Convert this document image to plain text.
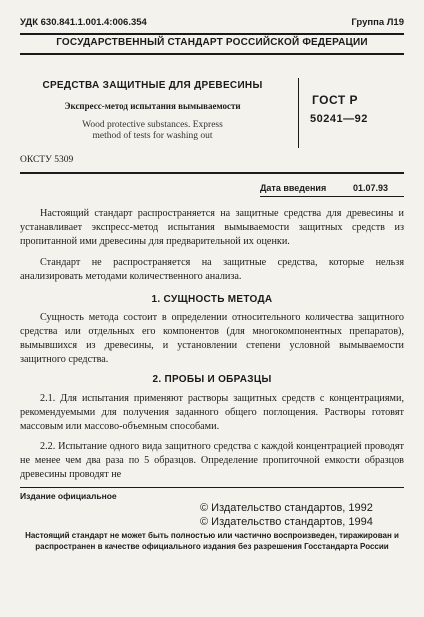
УДК 630.841.1.001.4:006.354	Группа Л19
ГОСУДАРСТВЕННЫЙ СТАНДАРТ РОССИЙСКОЙ ФЕДЕРАЦИИ
СРЕДСТВА ЗАЩИТНЫЕ ДЛЯ ДРЕВЕСИНЫ
Экспресс-метод испытания вымываемости
Wood protective substances. Express
method of tests for washing out
ГОСТ Р
50241—92
ОКСТУ 5309
Дата введения	01.07.93
Настоящий стандарт распространяется на защитные средства для древесины и устанавливает экспресс-метод испытания вымываемости защитных средств из пропитанной ими древесины для предварительной их оценки.
Стандарт не распространяется на защитные средства, которые нельзя анализировать методами количественного анализа.
1. СУЩНОСТЬ МЕТОДА
Сущность метода состоит в определении относительного количества защитного средства или отдельных его компонентов (для многокомпонентных препаратов), вымывшихся из древесины, и установлении степени условной вымываемости защитного средства.
2. ПРОБЫ И ОБРАЗЦЫ
2.1. Для испытания применяют растворы защитных средств с концентрациями, рекомендуемыми для получения заданного общего поглощения. Растворы готовят массовым или массово-объемным способами.
2.2. Испытание одного вида защитного средства с каждой концентрацией проводят не менее чем два раза по 5 образцов. Определение пропиточной емкости образцов древесины проводят не
Издание официальное
© Издательство стандартов, 1992
© Издательство стандартов, 1994
Настоящий стандарт не может быть полностью или частично воспроизведен, тиражирован и распространен в качестве официального издания без разрешения Госстандарта России
